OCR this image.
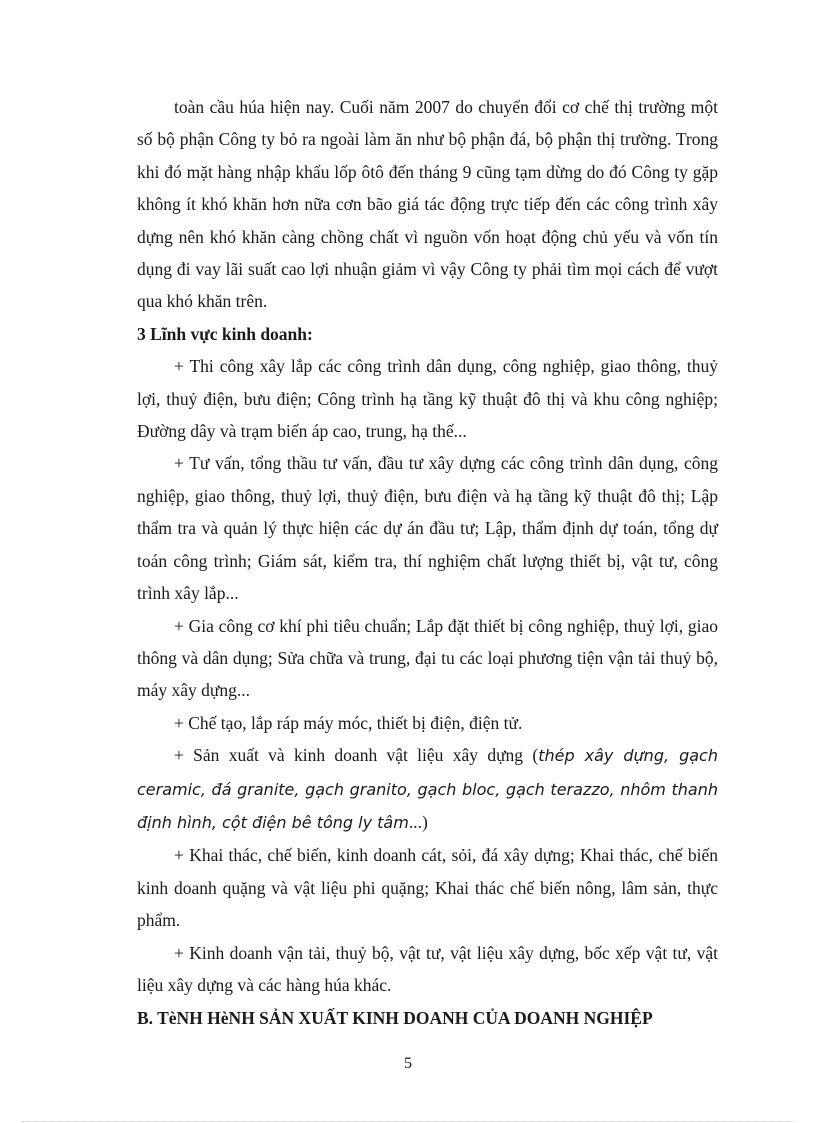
toàn cầu húa hiện nay. Cuối năm 2007 do chuyển đổi cơ chế thị trường một số bộ phận Công ty bỏ ra ngoài làm ăn như bộ phận đá, bộ phận thị trường. Trong khi đó mặt hàng nhập khẩu lốp ôtô đến tháng 9 cũng tạm dừng do đó Công ty gặp không ít khó khăn hơn nữa cơn bão giá tác động trực tiếp đến các công trình xây dựng nên khó khăn càng chồng chất vì nguồn vốn hoạt động chủ yếu và vốn tín dụng đi vay lãi suất cao lợi nhuận giảm vì vậy Công ty phải tìm mọi cách để vượt qua khó khăn trên.

3 Lĩnh vực kinh doanh:

+ Thi công xây lắp các công trình dân dụng, công nghiệp, giao thông, thuỷ lợi, thuỷ điện, bưu điện; Công trình hạ tầng kỹ thuật đô thị và khu công nghiệp; Đường dây và trạm biến áp cao, trung, hạ thế...

+ Tư vấn, tổng thầu tư vấn, đầu tư xây dựng các công trình dân dụng, công nghiệp, giao thông, thuỷ lợi, thuỷ điện, bưu điện và hạ tầng kỹ thuật đô thị; Lập thẩm tra và quản lý thực hiện các dự án đầu tư; Lập, thẩm định dự toán, tổng dự toán công trình; Giám sát, kiểm tra, thí nghiệm chất lượng thiết bị, vật tư, công trình xây lắp...

+ Gia công cơ khí phi tiêu chuẩn; Lắp đặt thiết bị công nghiệp, thuỷ lợi, giao thông và dân dụng; Sửa chữa và trung, đại tu các loại phương tiện vận tải thuỷ bộ, máy xây dựng...

+ Chế tạo, lắp ráp máy móc, thiết bị điện, điện tử.

+ Sản xuất và kinh doanh vật liệu xây dựng (thép xây dựng, gạch ceramic, đá granite, gạch granito, gạch bloc, gạch terazzo, nhôm thanh định hình, cột điện bê tông ly tâm...)

+ Khai thác, chế biến, kinh doanh cát, sỏi, đá xây dựng; Khai thác, chế biến kinh doanh quặng và vật liệu phi quặng; Khai thác chế biến nông, lâm sản, thực phẩm.

+ Kinh doanh vận tải, thuỷ bộ, vật tư, vật liệu xây dựng, bốc xếp vật tư, vật liệu xây dựng và các hàng húa khác.

B. TèNH HèNH SẢN XUẤT KINH DOANH CỦA DOANH NGHIỆP
5
